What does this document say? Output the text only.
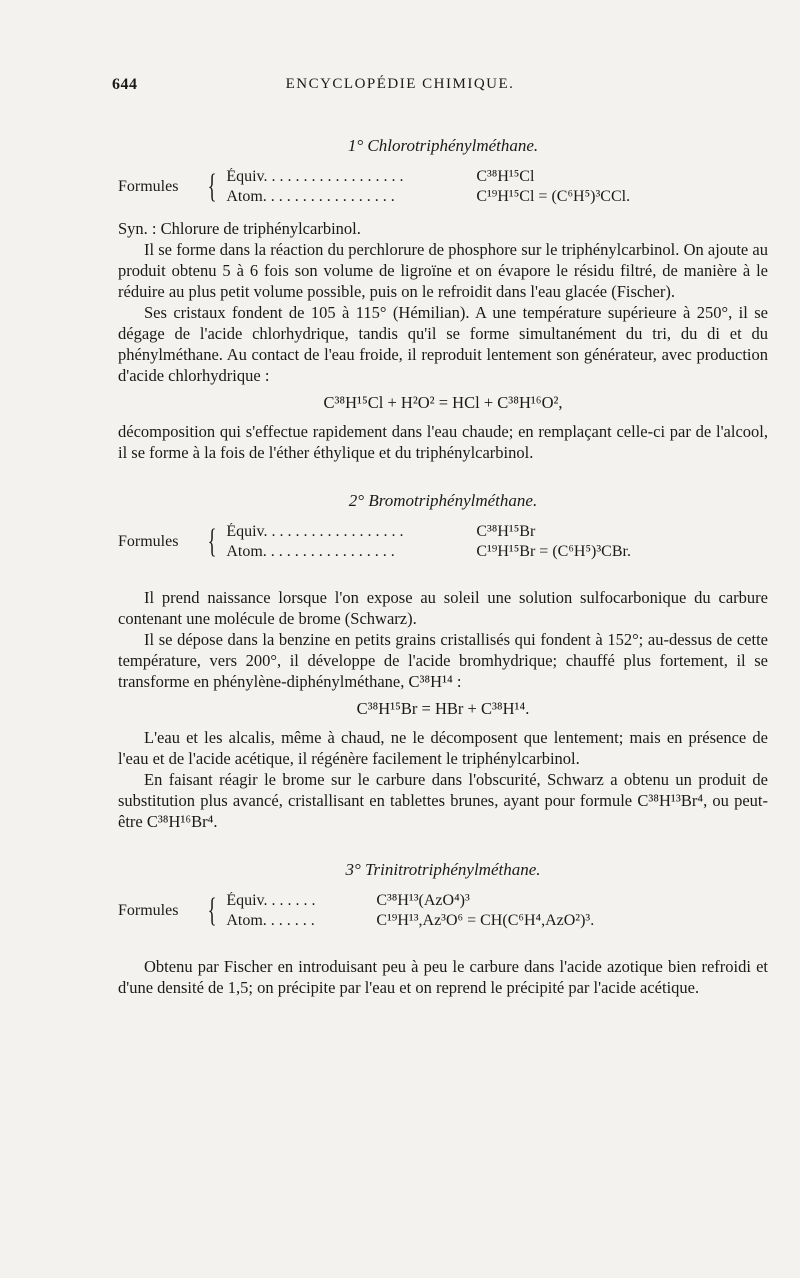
644	ENCYCLOPÉDIE CHIMIQUE.
1° Chlorotriphénylméthane.
Formules { Équiv. . . . . . . . . . . . . . . . . .	C³⁸H¹⁵Cl
Atom. . . . . . . . . . . . . . . . .	C¹⁹H¹⁵Cl = (C⁶H⁵)³CCl.

Syn. : Chlorure de triphénylcarbinol.

Il se forme dans la réaction du perchlorure de phosphore sur le triphénylcarbinol. On ajoute au produit obtenu 5 à 6 fois son volume de ligroïne et on évapore le résidu filtré, de manière à le réduire au plus petit volume possible, puis on le refroidit dans l'eau glacée (Fischer).

Ses cristaux fondent de 105 à 115° (Hémilian). A une température supérieure à 250°, il se dégage de l'acide chlorhydrique, tandis qu'il se forme simultanément du tri, du di et du phénylméthane. Au contact de l'eau froide, il reproduit lentement son générateur, avec production d'acide chlorhydrique :

C³⁸H¹⁵Cl + H²O² = HCl + C³⁸H¹⁶O²,

décomposition qui s'effectue rapidement dans l'eau chaude; en remplaçant celle-ci par de l'alcool, il se forme à la fois de l'éther éthylique et du triphénylcarbinol.

2° Bromotriphénylméthane.
Formules { Équiv. . . . . . . . . . . . . . . . . .	C³⁸H¹⁵Br
Atom. . . . . . . . . . . . . . . . .	C¹⁹H¹⁵Br = (C⁶H⁵)³CBr.

Il prend naissance lorsque l'on expose au soleil une solution sulfocarbonique du carbure contenant une molécule de brome (Schwarz).

Il se dépose dans la benzine en petits grains cristallisés qui fondent à 152°; au-dessus de cette température, vers 200°, il développe de l'acide bromhydrique; chauffé plus fortement, il se transforme en phénylène-diphénylméthane, C³⁸H¹⁴ :

C³⁸H¹⁵Br = HBr + C³⁸H¹⁴.

L'eau et les alcalis, même à chaud, ne le décomposent que lentement; mais en présence de l'eau et de l'acide acétique, il régénère facilement le triphénylcarbinol.

En faisant réagir le brome sur le carbure dans l'obscurité, Schwarz a obtenu un produit de substitution plus avancé, cristallisant en tablettes brunes, ayant pour formule C³⁸H¹³Br⁴, ou peut-être C³⁸H¹⁶Br⁴.

3° Trinitrotriphénylméthane.
Formules { Équiv. . . . . . .	C³⁸H¹³(AzO⁴)³
Atom. . . . . . .	C¹⁹H¹³,Az³O⁶ = CH(C⁶H⁴,AzO²)³.

Obtenu par Fischer en introduisant peu à peu le carbure dans l'acide azotique bien refroidi et d'une densité de 1,5; on précipite par l'eau et on reprend le précipité par l'acide acétique.
